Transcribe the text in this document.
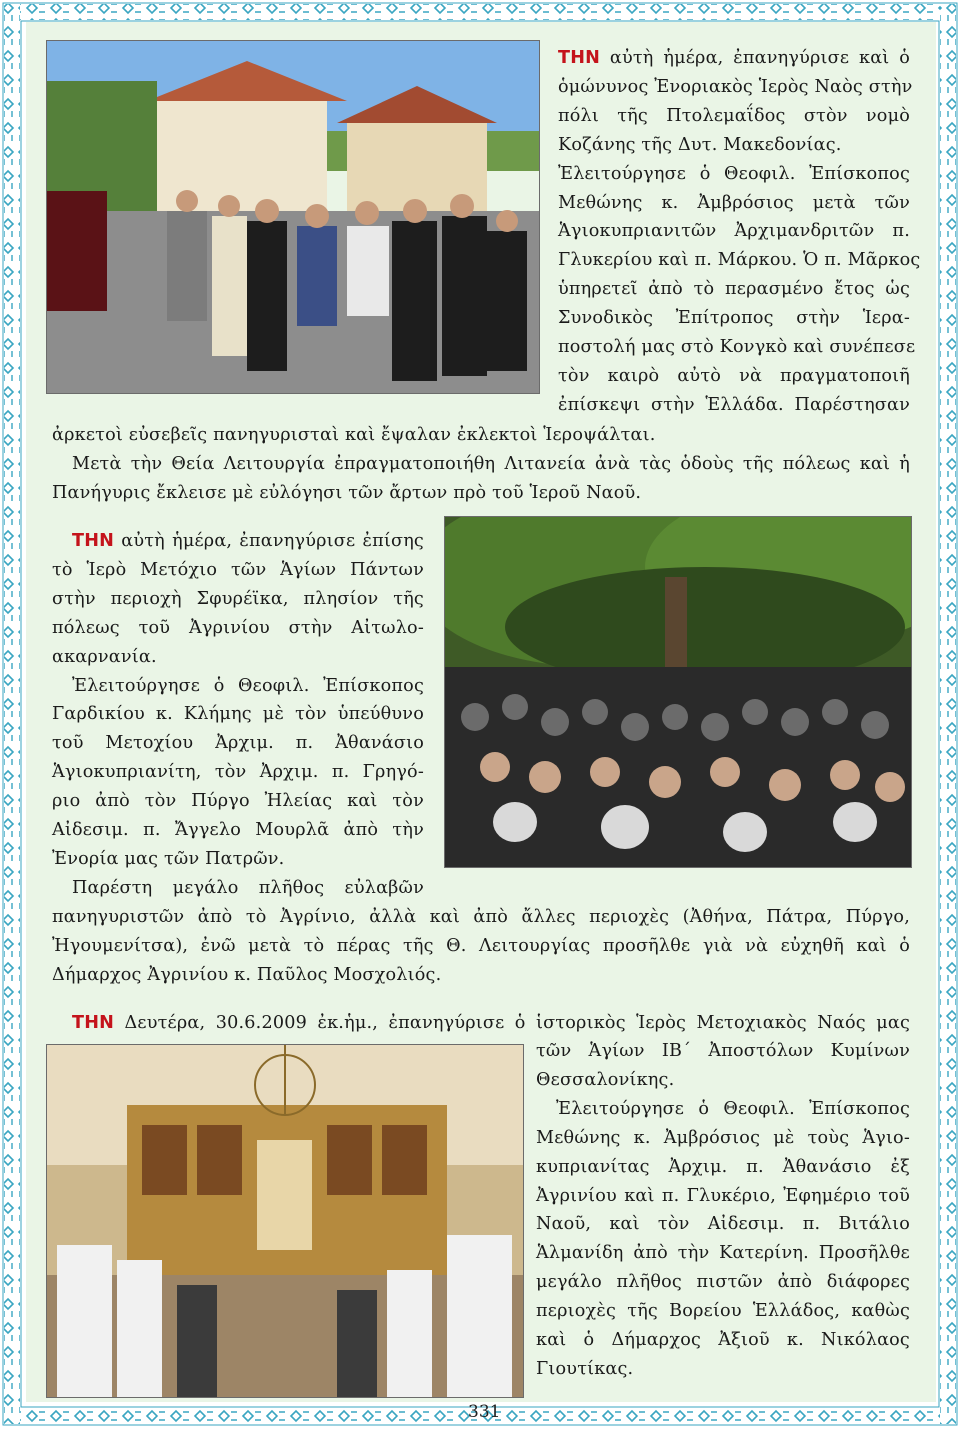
ΤΗΝ αὐτὴ ἡμέρα, ἐπανηγύρισε καὶ ὁ
ὁμώνυνος Ἐνοριακὸς Ἱερὸς Ναὸς στὴν
πόλι τῆς Πτολεμαΐδος στὸν νομὸ
Κοζάνης τῆς Δυτ. Μακεδονίας.
Ἐλειτούργησε ὁ Θεοφιλ. Ἐπίσκοπος
Μεθώνης κ. Ἀμβρόσιος μετὰ τῶν
Ἁγιοκυπριανιτῶν Ἀρχιμανδριτῶν π.
Γλυκερίου καὶ π. Μάρκου. Ὁ π. Μᾶρκος
ὑπηρετεῖ ἀπὸ τὸ περασμένο ἔτος ὡς
Συνοδικὸς Ἐπίτροπος στὴν Ἱερα-
ποστολή μας στὸ Κονγκὸ καὶ συνέπεσε
τὸν καιρὸ αὐτὸ νὰ πραγματοποιῆ
ἐπίσκεψι στὴν Ἑλλάδα. Παρέστησαν
ἀρκετοὶ εὐσεβεῖς πανηγυρισταὶ καὶ ἔψαλαν ἐκλεκτοὶ Ἱεροψάλται.
Μετὰ τὴν Θεία Λειτουργία ἐπραγματοποιήθη Λιτανεία ἀνὰ τὰς ὁδοὺς τῆς πόλεως καὶ ἡ
Πανήγυρις ἔκλεισε μὲ εὐλόγησι τῶν ἄρτων πρὸ τοῦ Ἱεροῦ Ναοῦ.
ΤΗΝ αὐτὴ ἡμέρα, ἐπανηγύρισε ἐπίσης
τὸ Ἱερὸ Μετόχιο τῶν Ἁγίων Πάντων
στὴν περιοχὴ Σφυρέϊκα, πλησίον τῆς
πόλεως τοῦ Ἀγρινίου στὴν Αἰτωλο-
ακαρνανία.
Ἐλειτούργησε ὁ Θεοφιλ. Ἐπίσκοπος
Γαρδικίου κ. Κλήμης μὲ τὸν ὑπεύθυνο
τοῦ Μετοχίου Ἀρχιμ. π. Ἀθανάσιο
Ἁγιοκυπριανίτη, τὸν Ἀρχιμ. π. Γρηγό-
ριο ἀπὸ τὸν Πύργο Ἠλείας καὶ τὸν
Αἰδεσιμ. π. Ἄγγελο Μουρλᾶ ἀπὸ τὴν
Ἐνορία μας τῶν Πατρῶν.
Παρέστη μεγάλο πλῆθος εὐλαβῶν
πανηγυριστῶν ἀπὸ τὸ Ἀγρίνιο, ἀλλὰ καὶ ἀπὸ ἄλλες περιοχὲς (Ἀθήνα, Πάτρα, Πύργο,
Ἠγουμενίτσα), ἐνῶ μετὰ τὸ πέρας τῆς Θ. Λειτουργίας προσῆλθε γιὰ νὰ εὐχηθῆ καὶ ὁ
Δήμαρχος Ἀγρινίου κ. Παῦλος Μοσχολιός.
ΤΗΝ Δευτέρα, 30.6.2009 ἐκ.ἡμ., ἐπανηγύρισε ὁ ἱστορικὸς Ἱερὸς Μετοχιακὸς Ναός μας
τῶν Ἁγίων ΙΒ´ Ἀποστόλων Κυμίνων
Θεσσαλονίκης.
Ἐλειτούργησε ὁ Θεοφιλ. Ἐπίσκοπος
Μεθώνης κ. Ἀμβρόσιος μὲ τοὺς Ἁγιο-
κυπριανίτας Ἀρχιμ. π. Ἀθανάσιο ἐξ
Ἀγρινίου καὶ π. Γλυκέριο, Ἐφημέριο τοῦ
Ναοῦ, καὶ τὸν Αἰδεσιμ. π. Βιτάλιο
Ἁλμανίδη ἀπὸ τὴν Κατερίνη. Προσῆλθε
μεγάλο πλῆθος πιστῶν ἀπὸ διάφορες
περιοχὲς τῆς Βορείου Ἑλλάδος, καθὼς
καὶ ὁ Δήμαρχος Ἀξιοῦ κ. Νικόλαος
Γιουτίκας.
331
